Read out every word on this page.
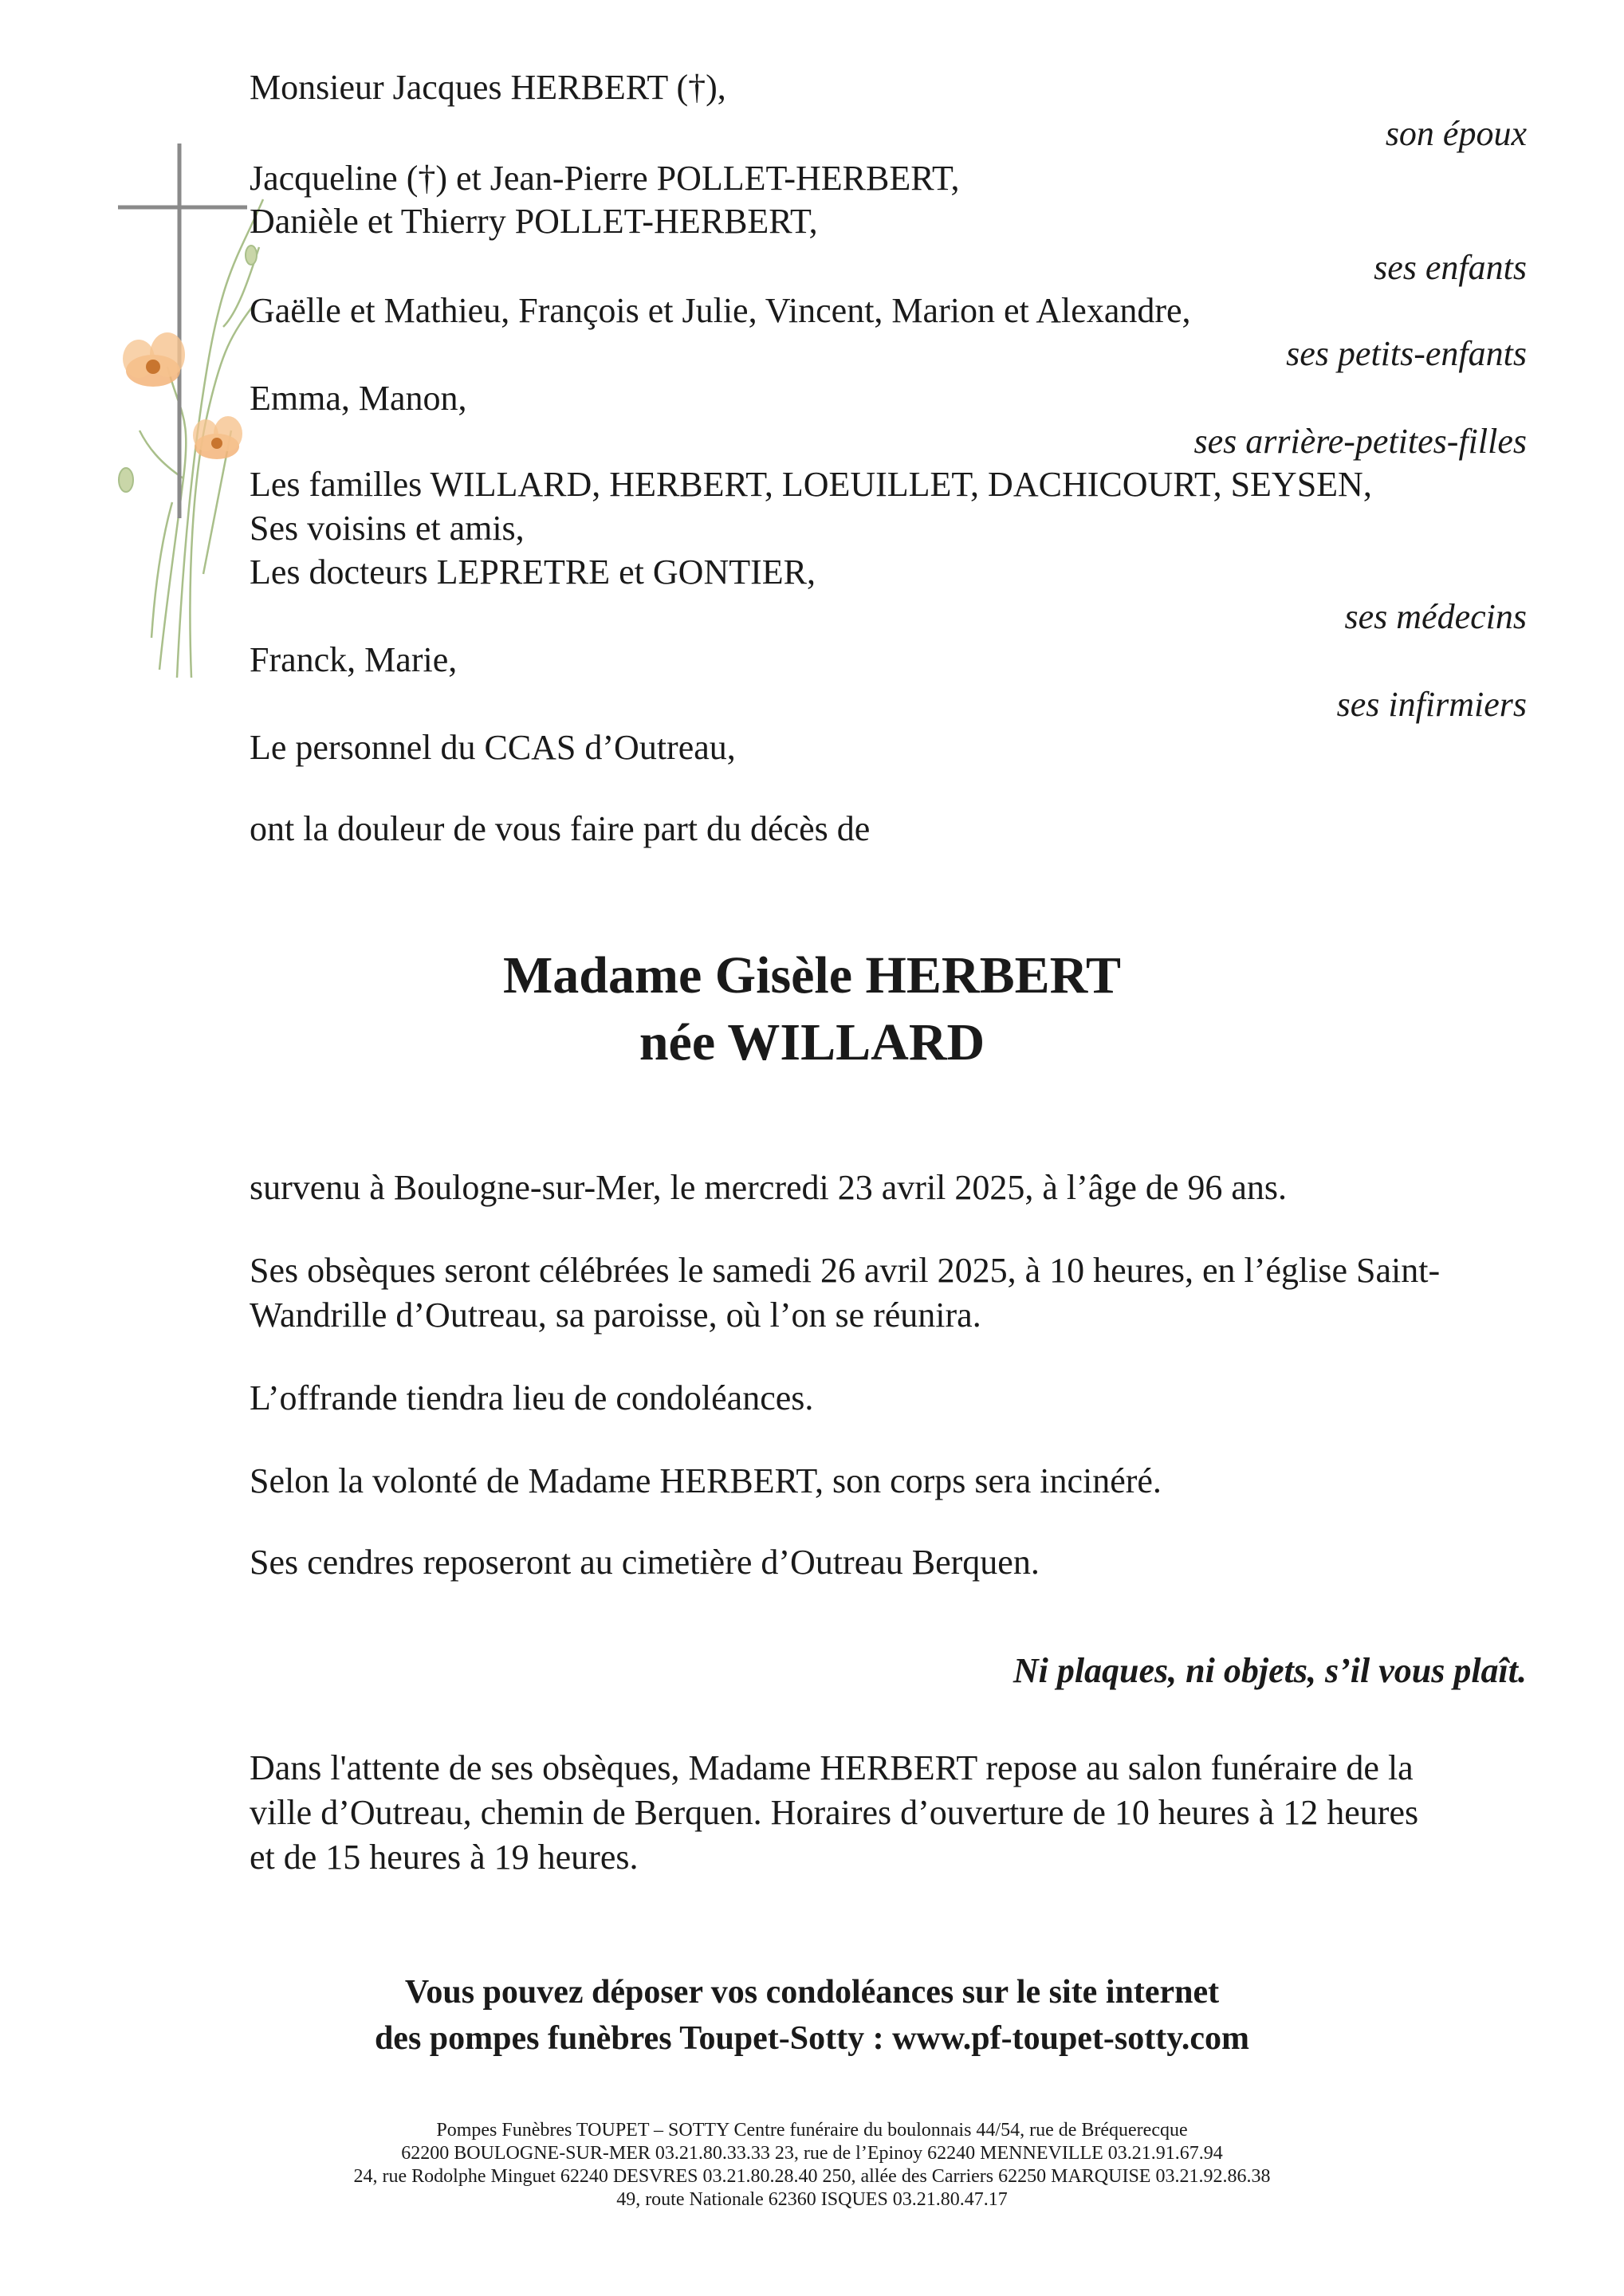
Monsieur Jacques HERBERT (†),

son époux

Jacqueline (†) et Jean-Pierre POLLET-HERBERT,

Danièle et Thierry POLLET-HERBERT,

ses enfants

Gaëlle et Mathieu, François et Julie, Vincent, Marion et Alexandre,

ses petits-enfants

Emma, Manon,

ses arrière-petites-filles

Les familles WILLARD, HERBERT, LOEUILLET, DACHICOURT, SEYSEN,

Ses voisins et amis,

Les docteurs LEPRETRE et GONTIER,

ses médecins

Franck, Marie,

ses infirmiers

Le personnel du CCAS d’Outreau,

ont la douleur de vous faire part du décès de

Madame Gisèle HERBERT

née WILLARD

survenu à Boulogne-sur-Mer, le mercredi 23 avril 2025, à l’âge de 96 ans.

Ses obsèques seront célébrées le samedi 26 avril 2025, à 10 heures, en l’église Saint-

Wandrille d’Outreau, sa paroisse, où l’on se réunira.

L’offrande tiendra lieu de condoléances.

Selon la volonté de Madame HERBERT, son corps sera incinéré.

Ses cendres reposeront au cimetière d’Outreau Berquen.

Ni plaques, ni objets, s’il vous plaît.

Dans l'attente de ses obsèques, Madame HERBERT repose au salon funéraire de la

ville d’Outreau, chemin de Berquen. Horaires d’ouverture de 10 heures à 12 heures

et de 15 heures à 19 heures.

Vous pouvez déposer vos condoléances sur le site internet

des pompes funèbres Toupet-Sotty : www.pf-toupet-sotty.com

Pompes Funèbres TOUPET – SOTTY Centre funéraire du boulonnais 44/54, rue de Bréquerecque

62200 BOULOGNE-SUR-MER 03.21.80.33.33 23, rue de l’Epinoy 62240 MENNEVILLE 03.21.91.67.94

24, rue Rodolphe Minguet 62240 DESVRES 03.21.80.28.40 250, allée des Carriers 62250 MARQUISE 03.21.92.86.38

49, route Nationale 62360 ISQUES 03.21.80.47.17
